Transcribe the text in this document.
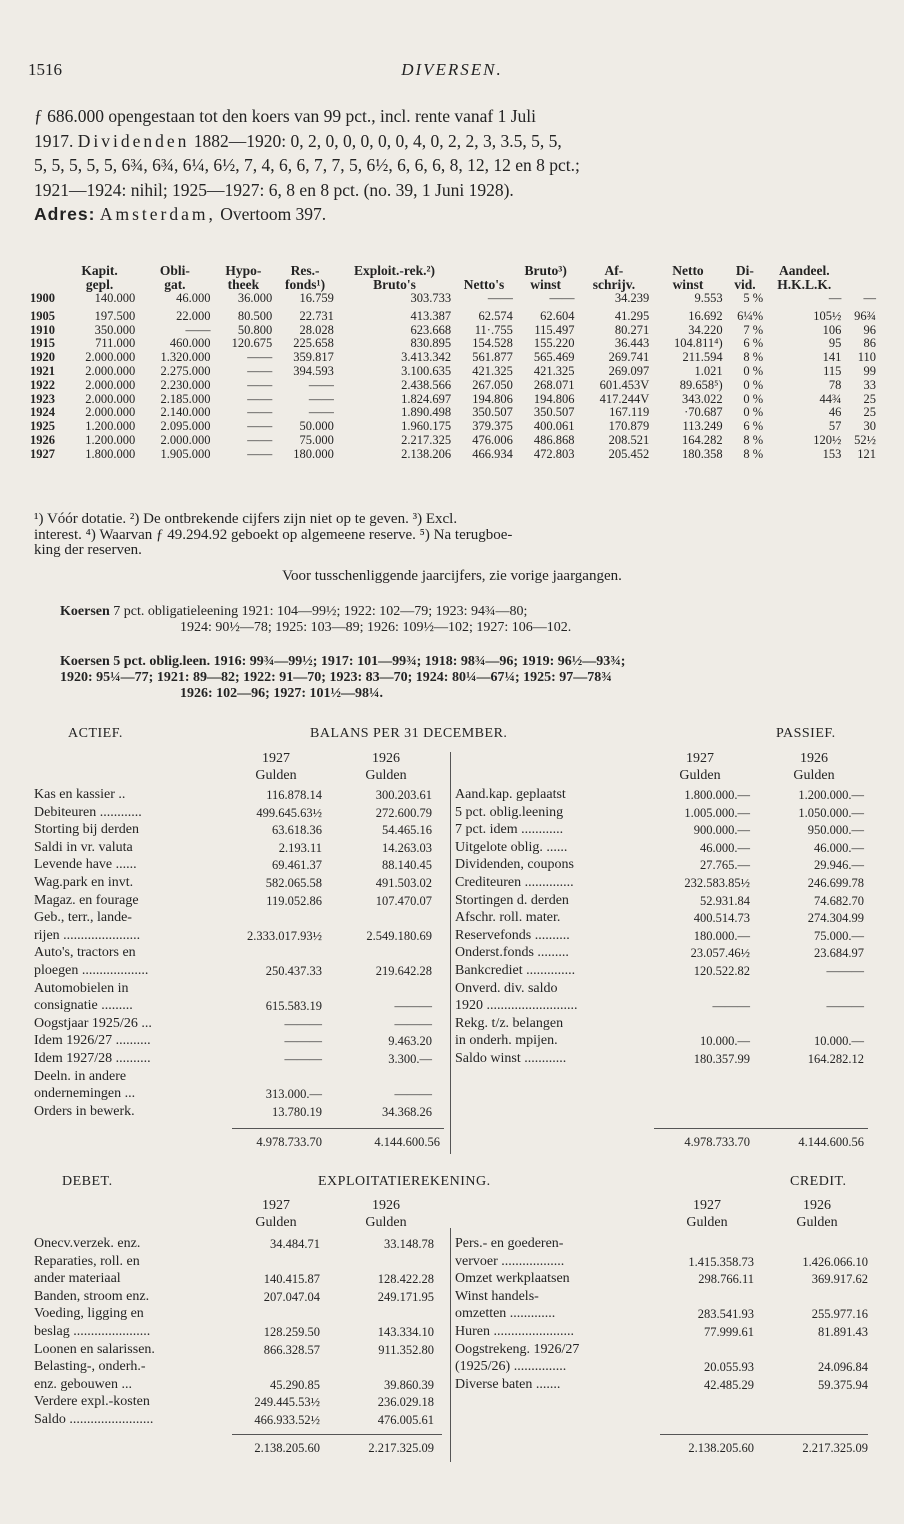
1516	DIVERSEN.
ƒ 686.000 opengestaan tot den koers van 99 pct., incl. rente vanaf 1 Juli
1917. Dividenden 1882—1920: 0, 2, 0, 0, 0, 0, 0, 4, 0, 2, 2, 3, 3.5, 5, 5,
5, 5, 5, 5, 5, 6¾, 6¾, 6¼, 6½, 7, 4, 6, 6, 7, 7, 5, 6½, 6, 6, 6, 8, 12, 12 en 8 pct.;
1921—1924: nihil; 1925—1927: 6, 8 en 8 pct. (no. 39, 1 Juni 1928).
Adres: Amsterdam, Overtoom 397.
	Kapit.	Obli-	Hypo-	Res.-	Exploit.-rek.²)		Bruto³)	Af-	Netto	Di-	Aandeel.	
	gepl.	gat.	theek	fonds¹)	Bruto's	Netto's	winst	schrijv.	winst	vid.	H.K.L.K.	
1900	140.000	46.000	36.000	16.759	303.733	——	——	34.239	9.553	5 %	—	—
1905	197.500	22.000	80.500	22.731	413.387	62.574	62.604	41.295	16.692	6¼%	105½	96¾
1910	350.000	——	50.800	28.028	623.668	11·.755	115.497	80.271	34.220	7 %	106	96
1915	711.000	460.000	120.675	225.658	830.895	154.528	155.220	36.443	104.811⁴)	6 %	95	86
1920	2.000.000	1.320.000	——	359.817	3.413.342	561.877	565.469	269.741	211.594	8 %	141	110
1921	2.000.000	2.275.000	——	394.593	3.100.635	421.325	421.325	269.097	1.021	0 %	115	99
1922	2.000.000	2.230.000	——	——	2.438.566	267.050	268.071	601.453V	89.658⁵)	0 %	78	33
1923	2.000.000	2.185.000	——	——	1.824.697	194.806	194.806	417.244V	343.022	0 %	44¾	25
1924	2.000.000	2.140.000	——	——	1.890.498	350.507	350.507	167.119	·70.687	0 %	46	25
1925	1.200.000	2.095.000	——	50.000	1.960.175	379.375	400.061	170.879	113.249	6 %	57	30
1926	1.200.000	2.000.000	——	75.000	2.217.325	476.006	486.868	208.521	164.282	8 %	120½	52½
1927	1.800.000	1.905.000	——	180.000	2.138.206	466.934	472.803	205.452	180.358	8 %	153	121
¹) Vóór dotatie. ²) De ontbrekende cijfers zijn niet op te geven. ³) Excl.
interest. ⁴) Waarvan ƒ 49.294.92 geboekt op algemeene reserve. ⁵) Na terugboe-
king der reserven.
Voor tusschenliggende jaarcijfers, zie vorige jaargangen.
Koersen 7 pct. obligatieleening 1921: 104—99½; 1922: 102—79; 1923: 94¾—80;
1924: 90½—78; 1925: 103—89; 1926: 109½—102; 1927: 106—102.
Koersen 5 pct. oblig.leen. 1916: 99¾—99½; 1917: 101—99¾; 1918: 98¾—96; 1919: 96½—93¾;
1920: 95¼—77; 1921: 89—82; 1922: 91—70; 1923: 83—70; 1924: 80¼—67¼; 1925: 97—78¾
1926: 102—96; 1927: 101½—98¼.
ACTIEF.	BALANS PER 31 DECEMBER.	PASSIEF.
1927
Gulden
1926
Gulden
1927
Gulden
1926
Gulden
Kas en kassier ..	116.878.14	300.203.61
Debiteuren ............	499.645.63½	272.600.79
Storting bij derden	63.618.36	54.465.16
Saldi in vr. valuta	2.193.11	14.263.03
Levende have ......	69.461.37	88.140.45
Wag.park en invt.	582.065.58	491.503.02
Magaz. en fourage	119.052.86	107.470.07
Geb., terr., lande-
rijen ......................	2.333.017.93½	2.549.180.69
Auto's, tractors en
ploegen ...................	250.437.33	219.642.28
Automobielen in
consignatie .........	615.583.19	———
Oogstjaar 1925/26 ...	———	———
Idem 1926/27 ..........	———	9.463.20
Idem 1927/28 ..........	———	3.300.—
Deeln. in andere
ondernemingen ...	313.000.—	———
Orders in bewerk.	13.780.19	34.368.26
Aand.kap. geplaatst	1.800.000.—	1.200.000.—
5 pct. oblig.leening	1.005.000.—	1.050.000.—
7 pct. idem ............	900.000.—	950.000.—
Uitgelote oblig. ......	46.000.—	46.000.—
Dividenden, coupons	27.765.—	29.946.—
Crediteuren ..............	232.583.85½	246.699.78
Stortingen d. derden	52.931.84	74.682.70
Afschr. roll. mater.	400.514.73	274.304.99
Reservefonds ..........	180.000.—	75.000.—
Onderst.fonds .........	23.057.46½	23.684.97
Bankcrediet ..............	120.522.82	———
Onverd. div. saldo
1920 ..........................	———	———
Rekg. t/z. belangen
in onderh. mpijen.	10.000.—	10.000.—
Saldo winst ............	180.357.99	164.282.12
4.978.733.70	4.144.600.56	4.978.733.70	4.144.600.56
DEBET.	EXPLOITATIEREKENING.	CREDIT.
1927
Gulden
1926
Gulden
1927
Gulden
1926
Gulden
Onecv.verzek. enz.	34.484.71	33.148.78
Reparaties, roll. en
ander materiaal	140.415.87	128.422.28
Banden, stroom enz.	207.047.04	249.171.95
Voeding, ligging en
beslag ......................	128.259.50	143.334.10
Loonen en salarissen.	866.328.57	911.352.80
Belasting-, onderh.-
enz. gebouwen ...	45.290.85	39.860.39
Verdere expl.-kosten	249.445.53½	236.029.18
Saldo ........................	466.933.52½	476.005.61
Pers.- en goederen-
vervoer ..................	1.415.358.73	1.426.066.10
Omzet werkplaatsen	298.766.11	369.917.62
Winst handels-
omzetten .............	283.541.93	255.977.16
Huren .......................	77.999.61	81.891.43
Oogstrekeng. 1926/27
(1925/26) ...............	20.055.93	24.096.84
Diverse baten .......	42.485.29	59.375.94
2.138.205.60	2.217.325.09	2.138.205.60	2.217.325.09
